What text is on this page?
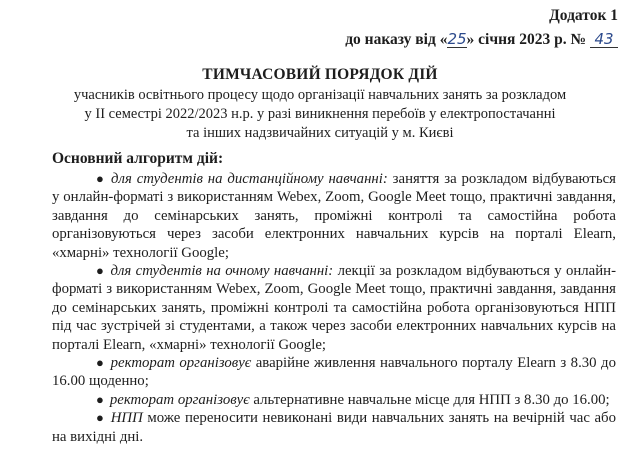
Додаток 1
до наказу від «25» січня 2023 р. № 43
ТИМЧАСОВИЙ ПОРЯДОК ДІЙ
учасників освітнього процесу щодо організації навчальних занять за розкладом
у ІІ семестрі 2022/2023 н.р. у разі виникнення перебоїв у електропостачанні
та інших надзвичайних ситуацій у м. Києві
Основний алгоритм дій:

● для студентів на дистанційному навчанні: заняття за розкладом відбуваються у онлайн-форматі з використанням Webex, Zoom, Google Meet тощо, практичні завдання, завдання до семінарських занять, проміжні контролі та самостійна робота організовуються через засоби електронних навчальних курсів на порталі Elearn, «хмарні» технології Google;

● для студентів на очному навчанні: лекції за розкладом відбуваються у онлайн-форматі з використанням Webex, Zoom, Google Meet тощо, практичні завдання, завдання до семінарських занять, проміжні контролі та самостійна робота організовуються НПП під час зустрічей зі студентами, а також через засоби електронних навчальних курсів на порталі Elearn, «хмарні» технології Google;

● ректорат організовує аварійне живлення навчального порталу Elearn з 8.30 до 16.00 щоденно;

● ректорат організовує альтернативне навчальне місце для НПП з 8.30 до 16.00;

● НПП може переносити невиконані види навчальних занять на вечірній час або на вихідні дні.
